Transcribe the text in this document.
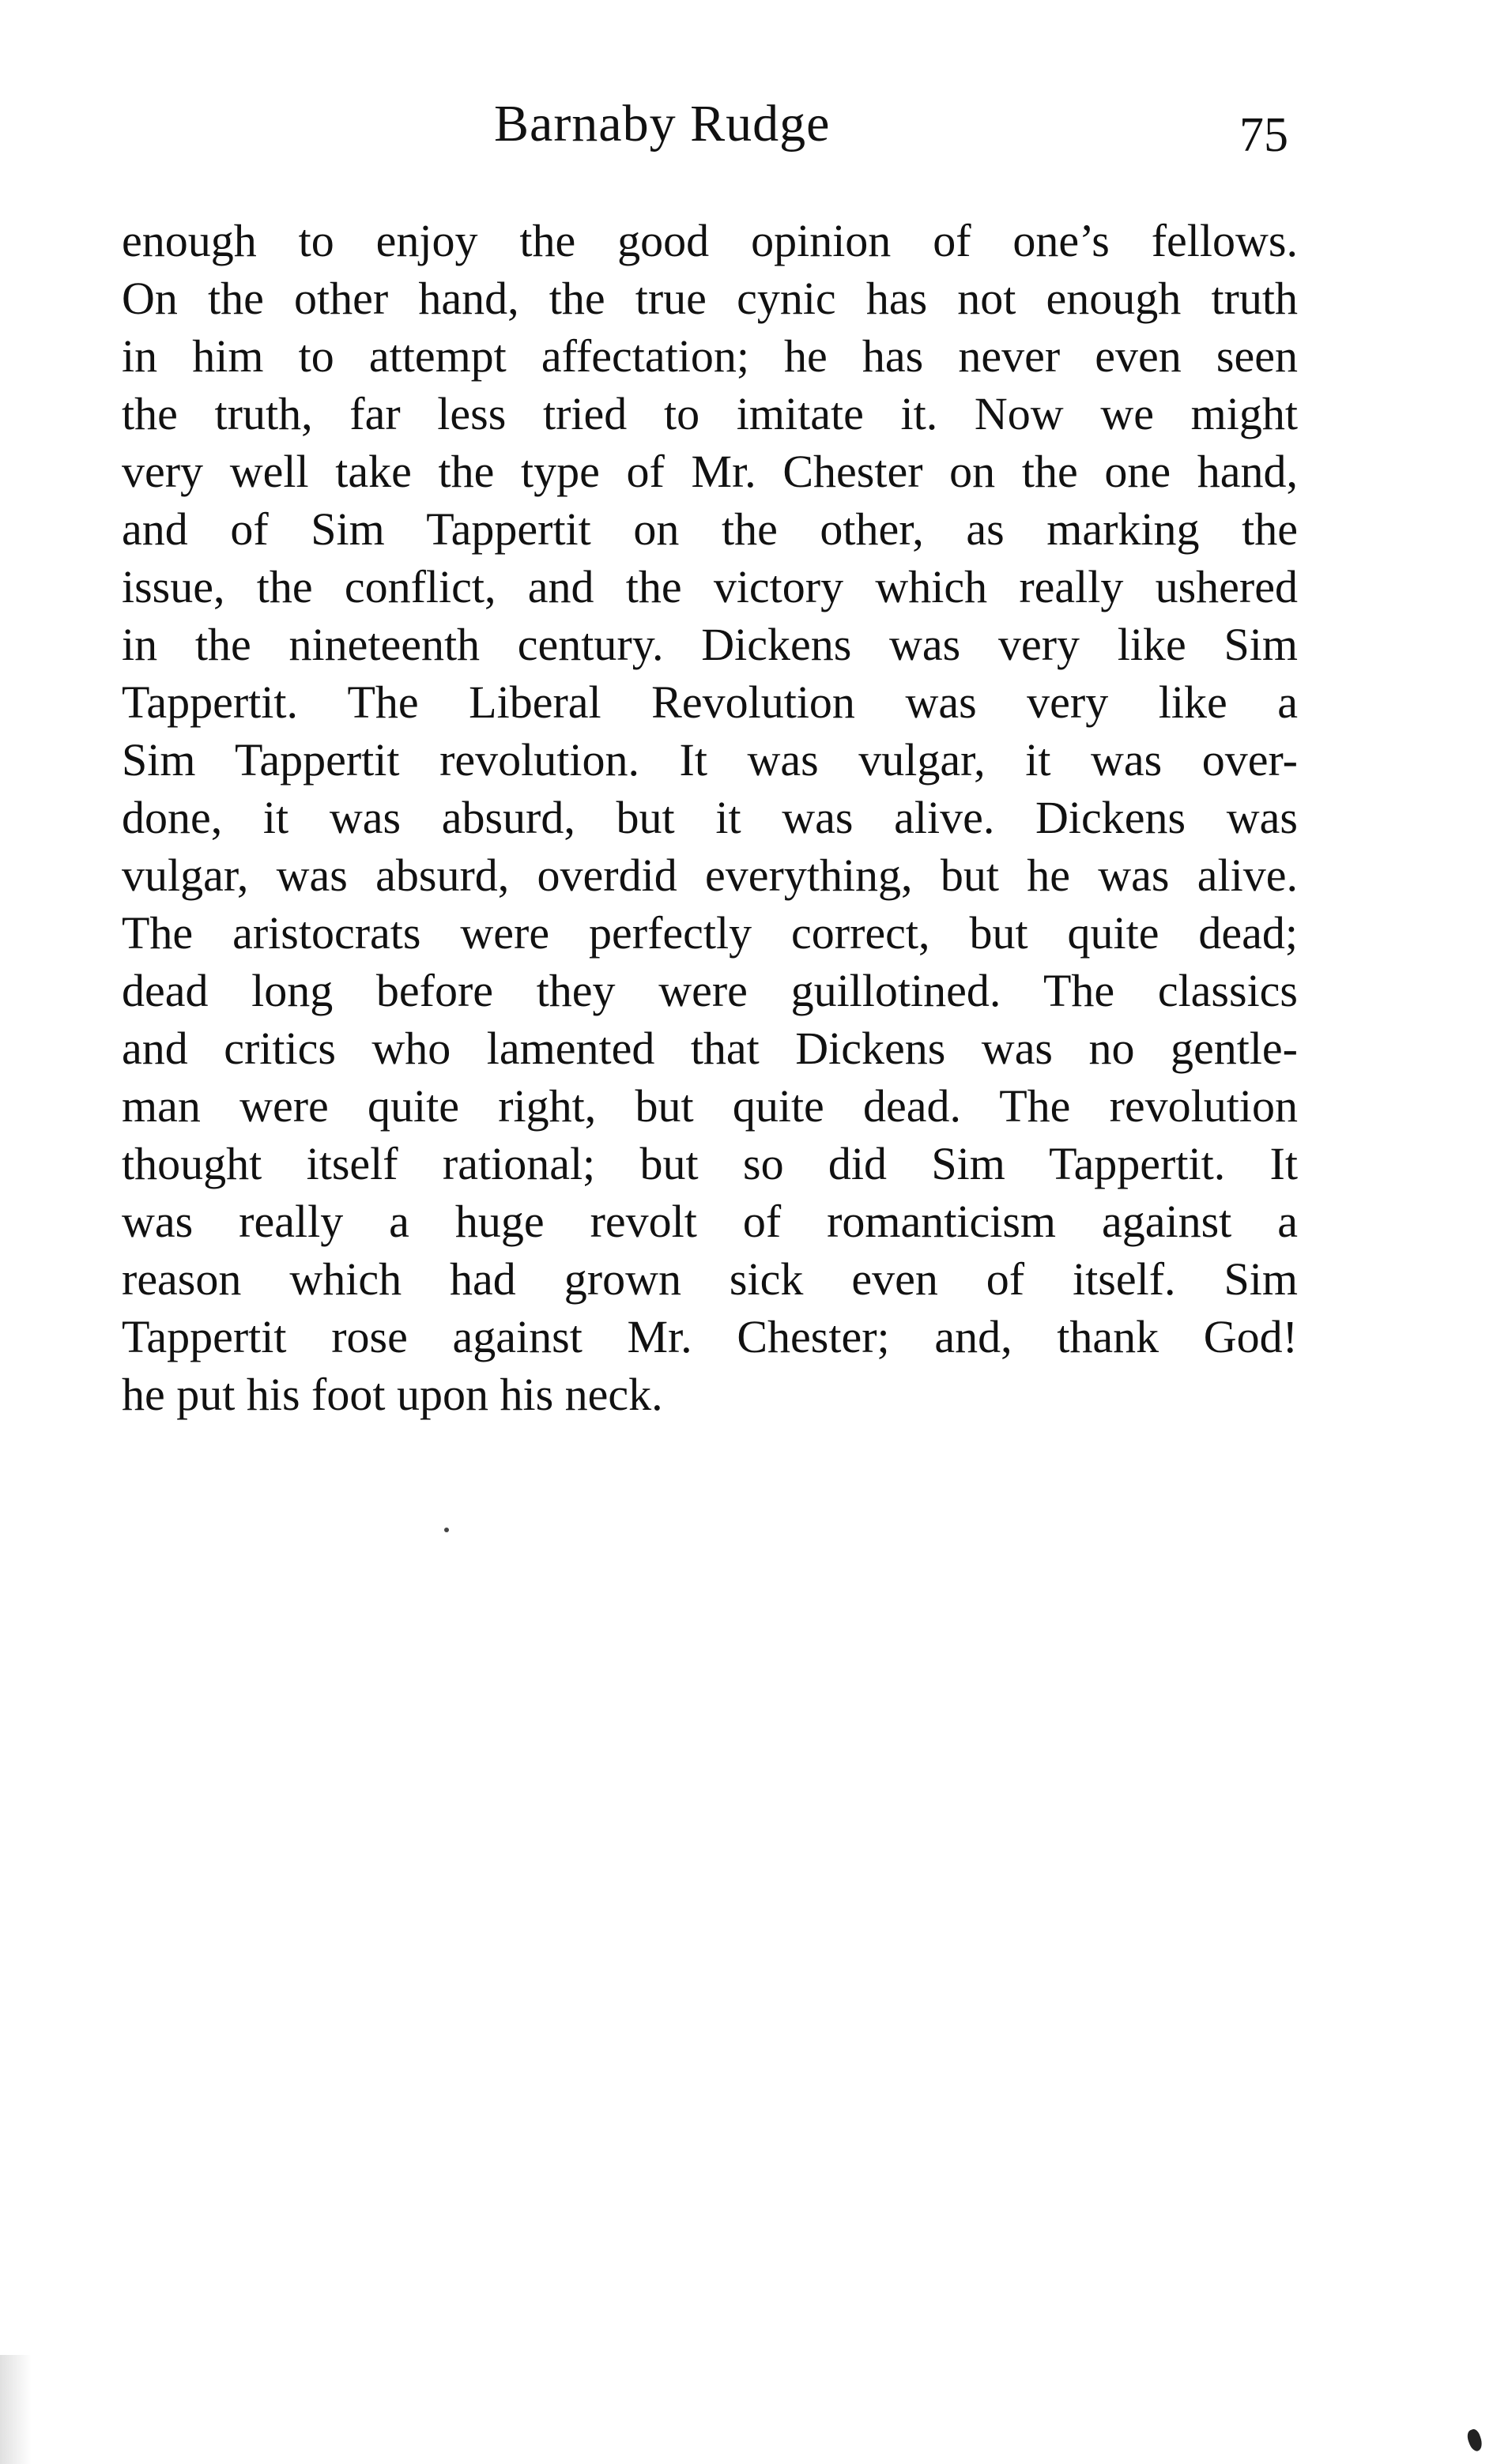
Barnaby Rudge	75
enough to enjoy the good opinion of one’s fellows.
On the other hand, the true cynic has not enough truth
in him to attempt affectation; he has never even seen
the truth, far less tried to imitate it. Now we might
very well take the type of Mr. Chester on the one hand,
and of Sim Tappertit on the other, as marking the
issue, the conflict, and the victory which really ushered
in the nineteenth century. Dickens was very like Sim
Tappertit. The Liberal Revolution was very like a
Sim Tappertit revolution. It was vulgar, it was over-
done, it was absurd, but it was alive. Dickens was
vulgar, was absurd, overdid everything, but he was alive.
The aristocrats were perfectly correct, but quite dead;
dead long before they were guillotined. The classics
and critics who lamented that Dickens was no gentle-
man were quite right, but quite dead. The revolution
thought itself rational; but so did Sim Tappertit. It
was really a huge revolt of romanticism against a
reason which had grown sick even of itself. Sim
Tappertit rose against Mr. Chester; and, thank God!
he put his foot upon his neck.
